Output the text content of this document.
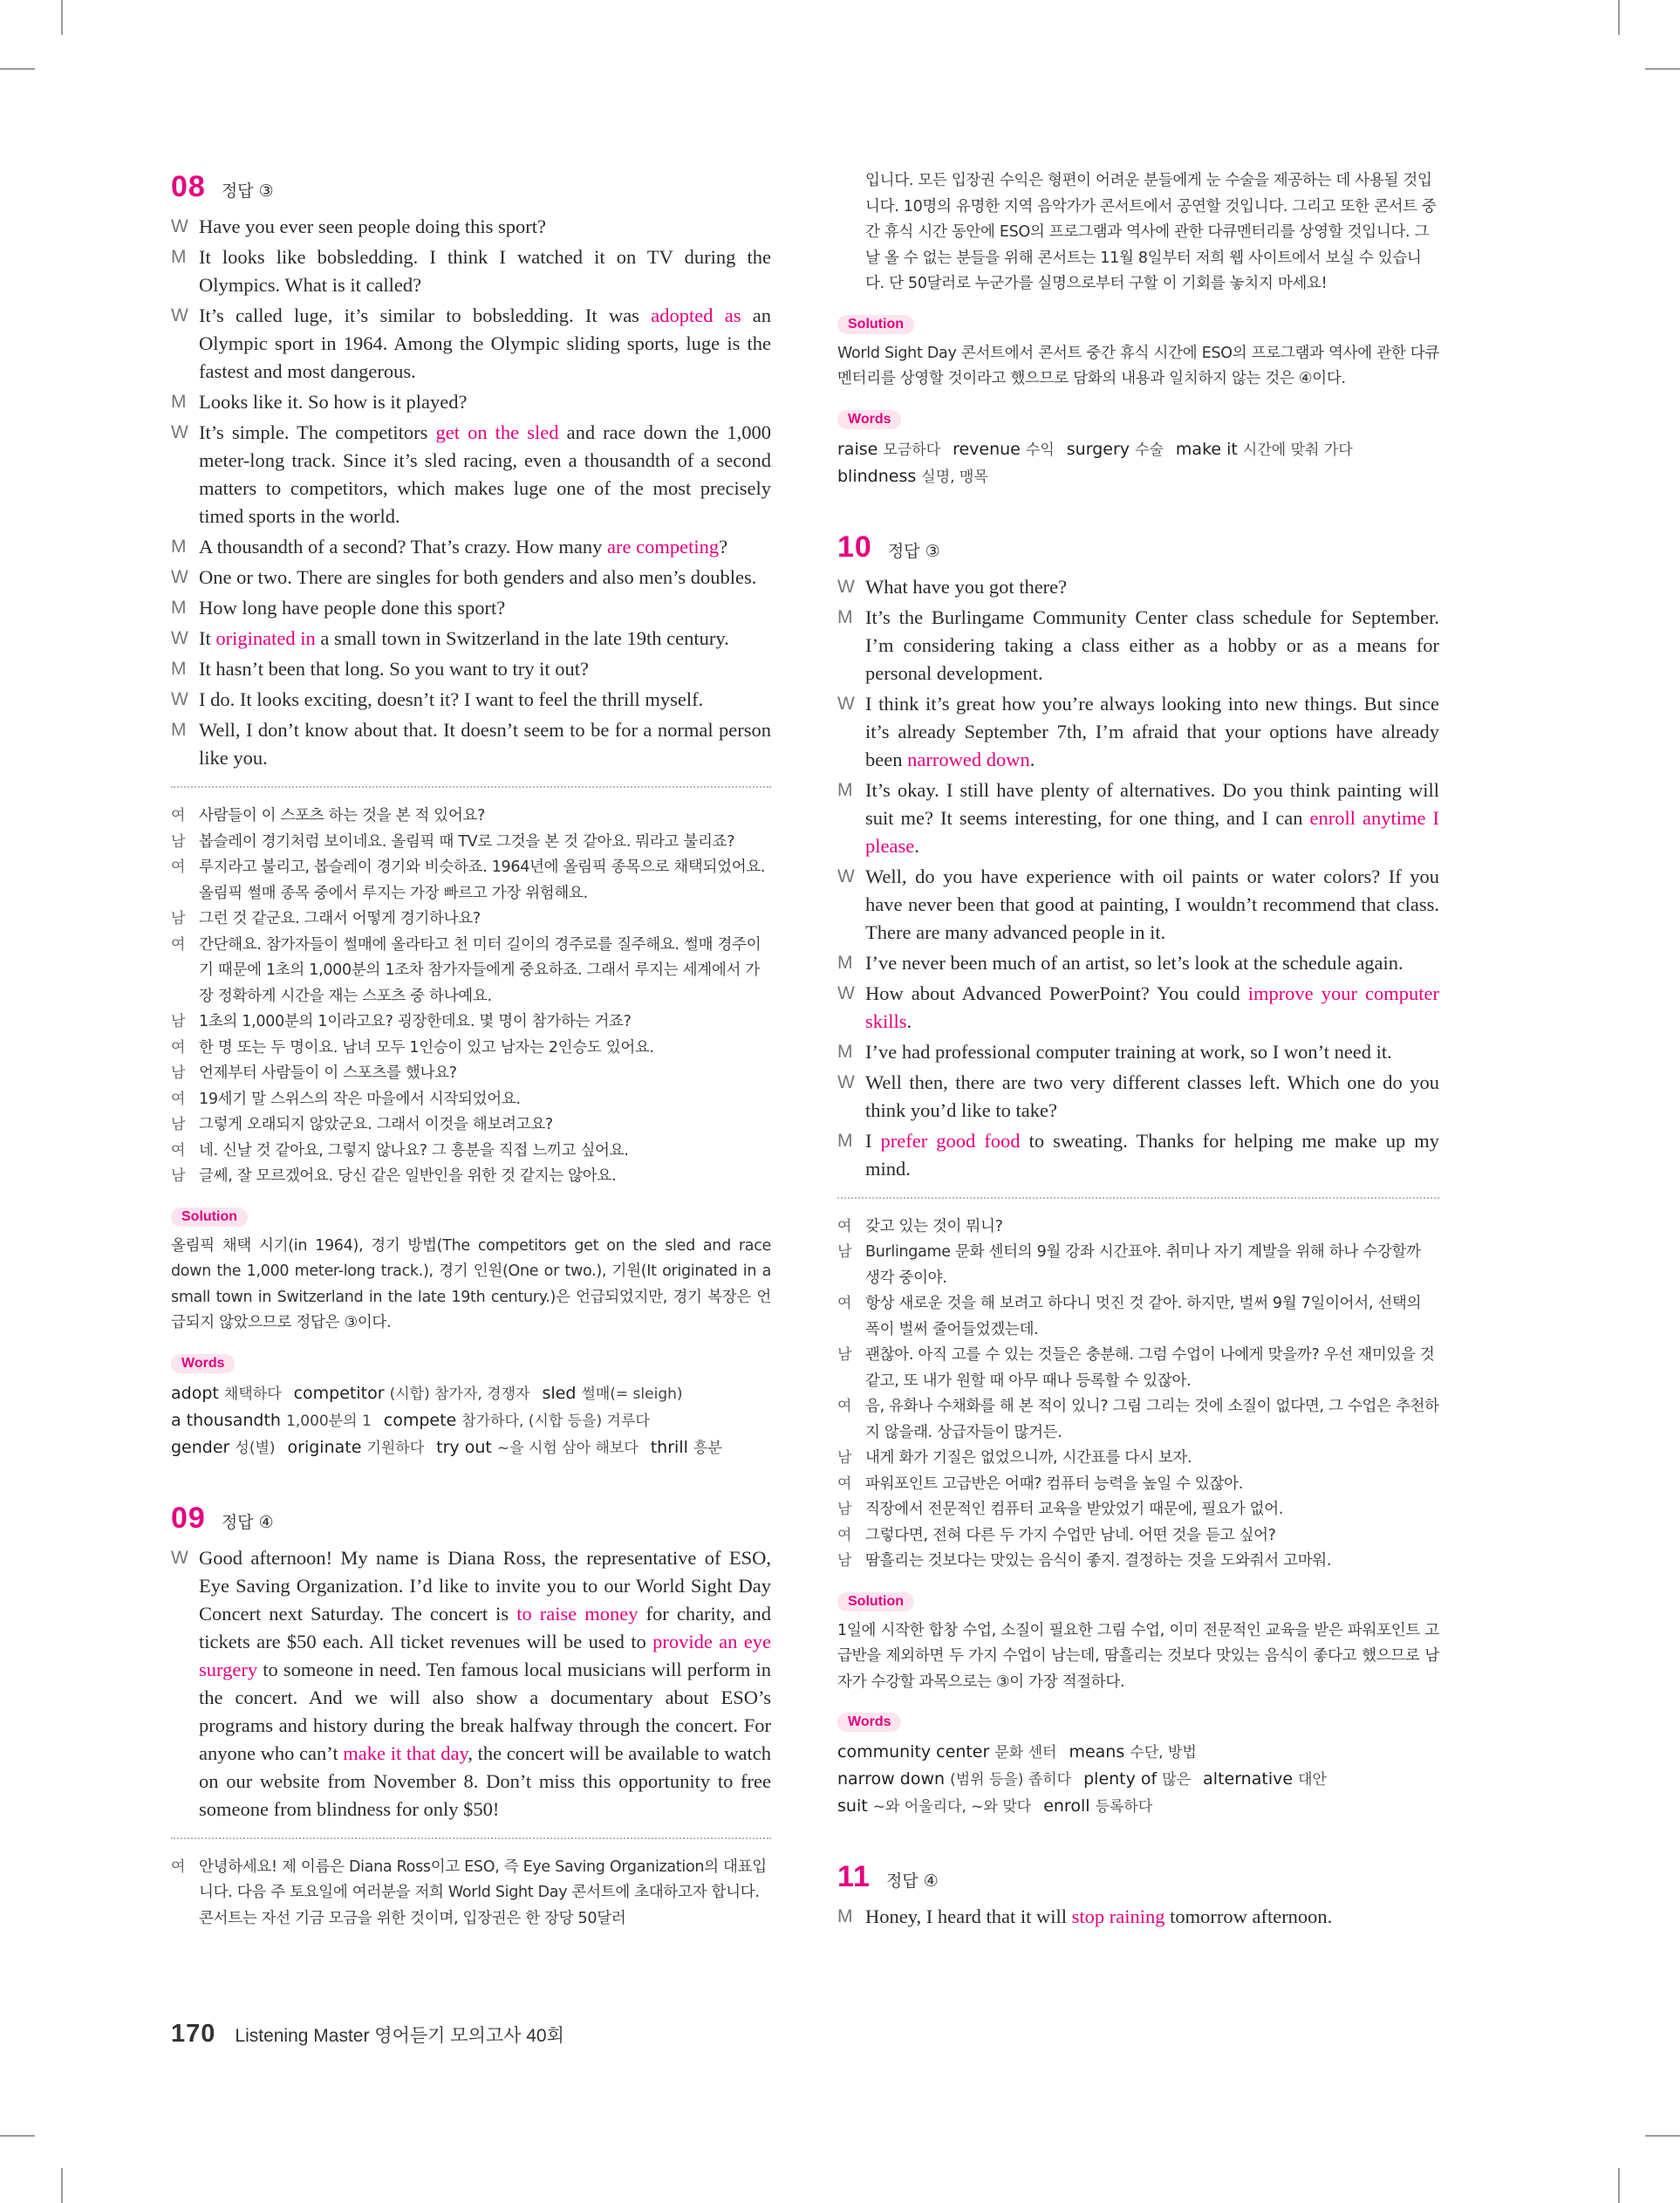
08 정답 ③
W Have you ever seen people doing this sport?
M It looks like bobsledding. I think I watched it on TV during the Olympics. What is it called?
W It’s called luge, it’s similar to bobsledding. It was adopted as an Olympic sport in 1964. Among the Olympic sliding sports, luge is the fastest and most dangerous.
M Looks like it. So how is it played?
W It’s simple. The competitors get on the sled and race down the 1,000 meter-long track. Since it’s sled racing, even a thousandth of a second matters to competitors, which makes luge one of the most precisely timed sports in the world.
M A thousandth of a second? That’s crazy. How many are competing?
W One or two. There are singles for both genders and also men’s doubles.
M How long have people done this sport?
W It originated in a small town in Switzerland in the late 19th century.
M It hasn’t been that long. So you want to try it out?
W I do. It looks exciting, doesn’t it? I want to feel the thrill myself.
M Well, I don’t know about that. It doesn’t seem to be for a normal person like you.
여 사람들이 이 스포츠 하는 것을 본 적 있어요?
남 봅슬레이 경기처럼 보이네요. 올림픽 때 TV로 그것을 본 것 같아요. 뭐라고 불리죠?
여 루지라고 불리고, 봅슬레이 경기와 비슷하죠. 1964년에 올림픽 종목으로 채택되었어요. 올림픽 썰매 종목 중에서 루지는 가장 빠르고 가장 위험해요.
남 그런 것 같군요. 그래서 어떻게 경기하나요?
여 간단해요. 참가자들이 썰매에 올라타고 천 미터 길이의 경주로를 질주해요. 썰매 경주이기 때문에 1초의 1,000분의 1조차 참가자들에게 중요하죠. 그래서 루지는 세계에서 가장 정확하게 시간을 재는 스포츠 중 하나예요.
남 1초의 1,000분의 1이라고요? 굉장한데요. 몇 명이 참가하는 거죠?
여 한 명 또는 두 명이요. 남녀 모두 1인승이 있고 남자는 2인승도 있어요.
남 언제부터 사람들이 이 스포츠를 했나요?
여 19세기 말 스위스의 작은 마을에서 시작되었어요.
남 그렇게 오래되지 않았군요. 그래서 이것을 해보려고요?
여 네. 신날 것 같아요, 그렇지 않나요? 그 흥분을 직접 느끼고 싶어요.
남 글쎄, 잘 모르겠어요. 당신 같은 일반인을 위한 것 같지는 않아요.
Solution
올림픽 채택 시기(in 1964), 경기 방법(The competitors get on the sled and race down the 1,000 meter-long track.), 경기 인원(One or two.), 기원(It originated in a small town in Switzerland in the late 19th century.)은 언급되었지만, 경기 복장은 언급되지 않았으므로 정답은 ③이다.
Words
adopt 채택하다 competitor (시합) 참가자, 경쟁자 sled 썰매(= sleigh)
a thousandth 1,000분의 1 compete 참가하다, (시합 등을) 겨루다
gender 성(별) originate 기원하다 try out ~을 시험 삼아 해보다 thrill 흥분
09 정답 ④
W Good afternoon! My name is Diana Ross, the representative of ESO, Eye Saving Organization. I’d like to invite you to our World Sight Day Concert next Saturday. The concert is to raise money for charity, and tickets are $50 each. All ticket revenues will be used to provide an eye surgery to someone in need. Ten famous local musicians will perform in the concert. And we will also show a documentary about ESO’s programs and history during the break halfway through the concert. For anyone who can’t make it that day, the concert will be available to watch on our website from November 8. Don’t miss this opportunity to free someone from blindness for only $50!
여 안녕하세요! 제 이름은 Diana Ross이고 ESO, 즉 Eye Saving Organization의 대표입니다. 다음 주 토요일에 여러분을 저희 World Sight Day 콘서트에 초대하고자 합니다. 콘서트는 자선 기금 모금을 위한 것이며, 입장권은 한 장당 50달러
입니다. 모든 입장권 수익은 형편이 어려운 분들에게 눈 수술을 제공하는 데 사용될 것입니다. 10명의 유명한 지역 음악가가 콘서트에서 공연할 것입니다. 그리고 또한 콘서트 중간 휴식 시간 동안에 ESO의 프로그램과 역사에 관한 다큐멘터리를 상영할 것입니다. 그날 올 수 없는 분들을 위해 콘서트는 11월 8일부터 저희 웹 사이트에서 보실 수 있습니다. 단 50달러로 누군가를 실명으로부터 구할 이 기회를 놓치지 마세요!
Solution
World Sight Day 콘서트에서 콘서트 중간 휴식 시간에 ESO의 프로그램과 역사에 관한 다큐멘터리를 상영할 것이라고 했으므로 담화의 내용과 일치하지 않는 것은 ④이다.
Words
raise 모금하다 revenue 수익 surgery 수술 make it 시간에 맞춰 가다
blindness 실명, 맹목
10 정답 ③
W What have you got there?
M It’s the Burlingame Community Center class schedule for September. I’m considering taking a class either as a hobby or as a means for personal development.
W I think it’s great how you’re always looking into new things. But since it’s already September 7th, I’m afraid that your options have already been narrowed down.
M It’s okay. I still have plenty of alternatives. Do you think painting will suit me? It seems interesting, for one thing, and I can enroll anytime I please.
W Well, do you have experience with oil paints or water colors? If you have never been that good at painting, I wouldn’t recommend that class. There are many advanced people in it.
M I’ve never been much of an artist, so let’s look at the schedule again.
W How about Advanced PowerPoint? You could improve your computer skills.
M I’ve had professional computer training at work, so I won’t need it.
W Well then, there are two very different classes left. Which one do you think you’d like to take?
M I prefer good food to sweating. Thanks for helping me make up my mind.
여 갖고 있는 것이 뭐니?
남 Burlingame 문화 센터의 9월 강좌 시간표야. 취미나 자기 계발을 위해 하나 수강할까 생각 중이야.
여 항상 새로운 것을 해 보려고 하다니 멋진 것 같아. 하지만, 벌써 9월 7일이어서, 선택의 폭이 벌써 줄어들었겠는데.
남 괜찮아. 아직 고를 수 있는 것들은 충분해. 그럼 수업이 나에게 맞을까? 우선 재미있을 것 같고, 또 내가 원할 때 아무 때나 등록할 수 있잖아.
여 음, 유화나 수채화를 해 본 적이 있니? 그림 그리는 것에 소질이 없다면, 그 수업은 추천하지 않을래. 상급자들이 많거든.
남 내게 화가 기질은 없었으니까, 시간표를 다시 보자.
여 파워포인트 고급반은 어때? 컴퓨터 능력을 높일 수 있잖아.
남 직장에서 전문적인 컴퓨터 교육을 받았었기 때문에, 필요가 없어.
여 그렇다면, 전혀 다른 두 가지 수업만 남네. 어떤 것을 듣고 싶어?
남 땀흘리는 것보다는 맛있는 음식이 좋지. 결정하는 것을 도와줘서 고마워.
Solution
1일에 시작한 합창 수업, 소질이 필요한 그림 수업, 이미 전문적인 교육을 받은 파워포인트 고급반을 제외하면 두 가지 수업이 남는데, 땀흘리는 것보다 맛있는 음식이 좋다고 했으므로 남자가 수강할 과목으로는 ③이 가장 적절하다.
Words
community center 문화 센터 means 수단, 방법
narrow down (범위 등을) 좁히다 plenty of 많은 alternative 대안
suit ~와 어울리다, ~와 맞다 enroll 등록하다
11 정답 ④
M Honey, I heard that it will stop raining tomorrow afternoon.
170 Listening Master 영어듣기 모의고사 40회
